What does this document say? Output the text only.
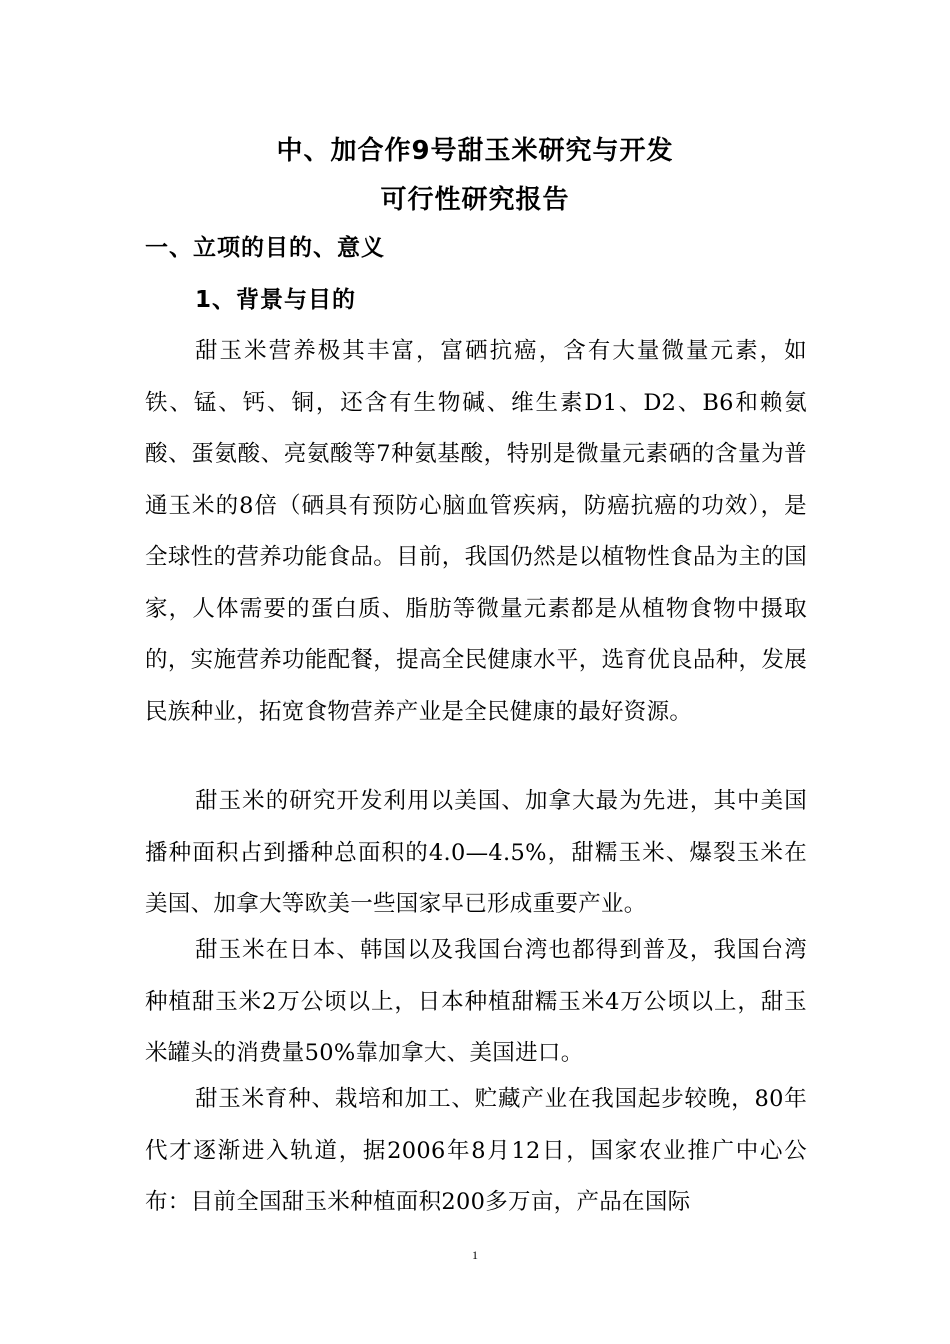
中、加合作9号甜玉米研究与开发
可行性研究报告
一、立项的目的、意义
1、背景与目的

甜玉米营养极其丰富，富硒抗癌，含有大量微量元素，如铁、锰、钙、铜，还含有生物碱、维生素D1、D2、B6和赖氨酸、蛋氨酸、亮氨酸等7种氨基酸，特别是微量元素硒的含量为普通玉米的8倍（硒具有预防心脑血管疾病，防癌抗癌的功效），是全球性的营养功能食品。目前，我国仍然是以植物性食品为主的国家，人体需要的蛋白质、脂肪等微量元素都是从植物食物中摄取的，实施营养功能配餐，提高全民健康水平，选育优良品种，发展民族种业，拓宽食物营养产业是全民健康的最好资源。

甜玉米的研究开发利用以美国、加拿大最为先进，其中美国播种面积占到播种总面积的4.0—4.5%，甜糯玉米、爆裂玉米在美国、加拿大等欧美一些国家早已形成重要产业。

甜玉米在日本、韩国以及我国台湾也都得到普及，我国台湾种植甜玉米2万公顷以上，日本种植甜糯玉米4万公顷以上，甜玉米罐头的消费量50%靠加拿大、美国进口。

甜玉米育种、栽培和加工、贮藏产业在我国起步较晚，80年代才逐渐进入轨道，据2006年8月12日，国家农业推广中心公布：目前全国甜玉米种植面积200多万亩，产品在国际

1
